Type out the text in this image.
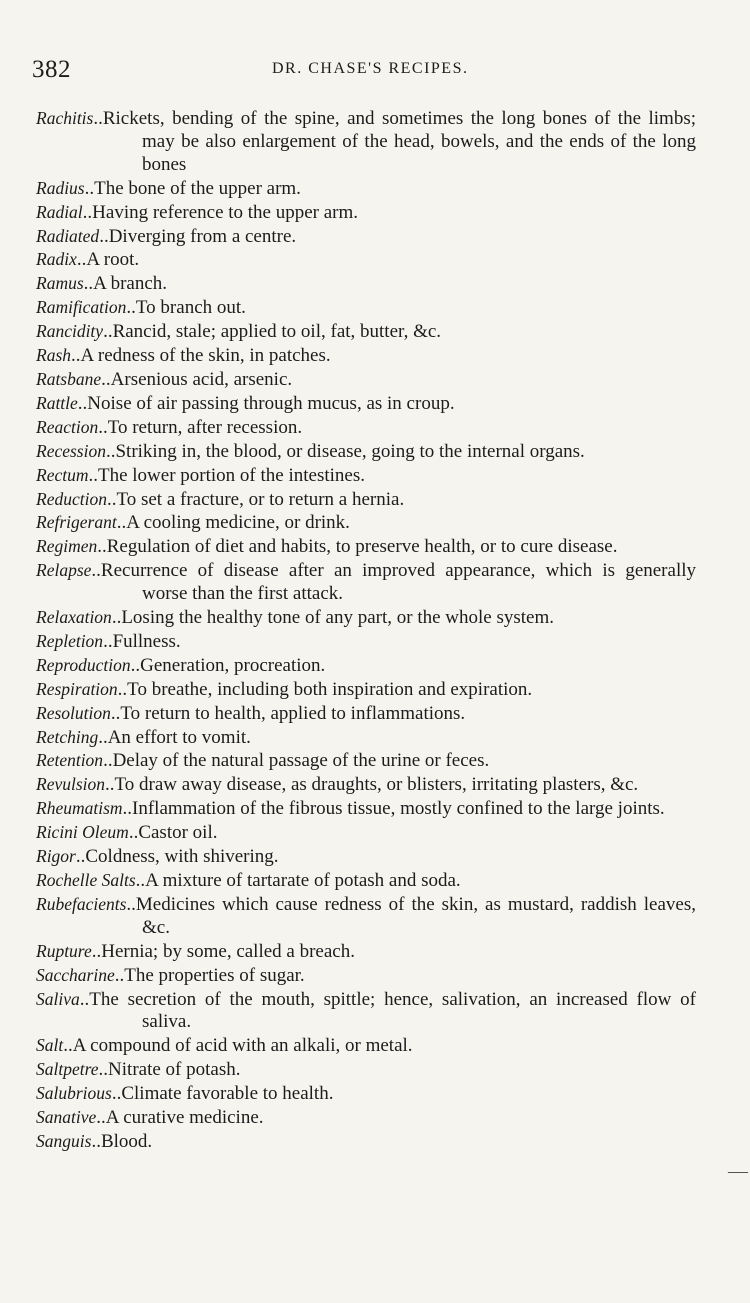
382	DR. CHASE'S RECIPES.
Rachitis..Rickets, bending of the spine, and sometimes the long bones of the limbs; may be also enlargement of the head, bowels, and the ends of the long bones
Radius..The bone of the upper arm.
Radial..Having reference to the upper arm.
Radiated..Diverging from a centre.
Radix..A root.
Ramus..A branch.
Ramification..To branch out.
Rancidity..Rancid, stale; applied to oil, fat, butter, &c.
Rash..A redness of the skin, in patches.
Ratsbane..Arsenious acid, arsenic.
Rattle..Noise of air passing through mucus, as in croup.
Reaction..To return, after recession.
Recession..Striking in, the blood, or disease, going to the internal organs.
Rectum..The lower portion of the intestines.
Reduction..To set a fracture, or to return a hernia.
Refrigerant..A cooling medicine, or drink.
Regimen..Regulation of diet and habits, to preserve health, or to cure disease.
Relapse..Recurrence of disease after an improved appearance, which is generally worse than the first attack.
Relaxation..Losing the healthy tone of any part, or the whole system.
Repletion..Fullness.
Reproduction..Generation, procreation.
Respiration..To breathe, including both inspiration and expiration.
Resolution..To return to health, applied to inflammations.
Retching..An effort to vomit.
Retention..Delay of the natural passage of the urine or feces.
Revulsion..To draw away disease, as draughts, or blisters, irritating plasters, &c.
Rheumatism..Inflammation of the fibrous tissue, mostly confined to the large joints.
Ricini Oleum..Castor oil.
Rigor..Coldness, with shivering.
Rochelle Salts..A mixture of tartarate of potash and soda.
Rubefacients..Medicines which cause redness of the skin, as mustard, raddish leaves, &c.
Rupture..Hernia; by some, called a breach.
Saccharine..The properties of sugar.
Saliva..The secretion of the mouth, spittle; hence, salivation, an increased flow of saliva.
Salt..A compound of acid with an alkali, or metal.
Saltpetre..Nitrate of potash.
Salubrious..Climate favorable to health.
Sanative..A curative medicine.
Sanguis..Blood.
—
